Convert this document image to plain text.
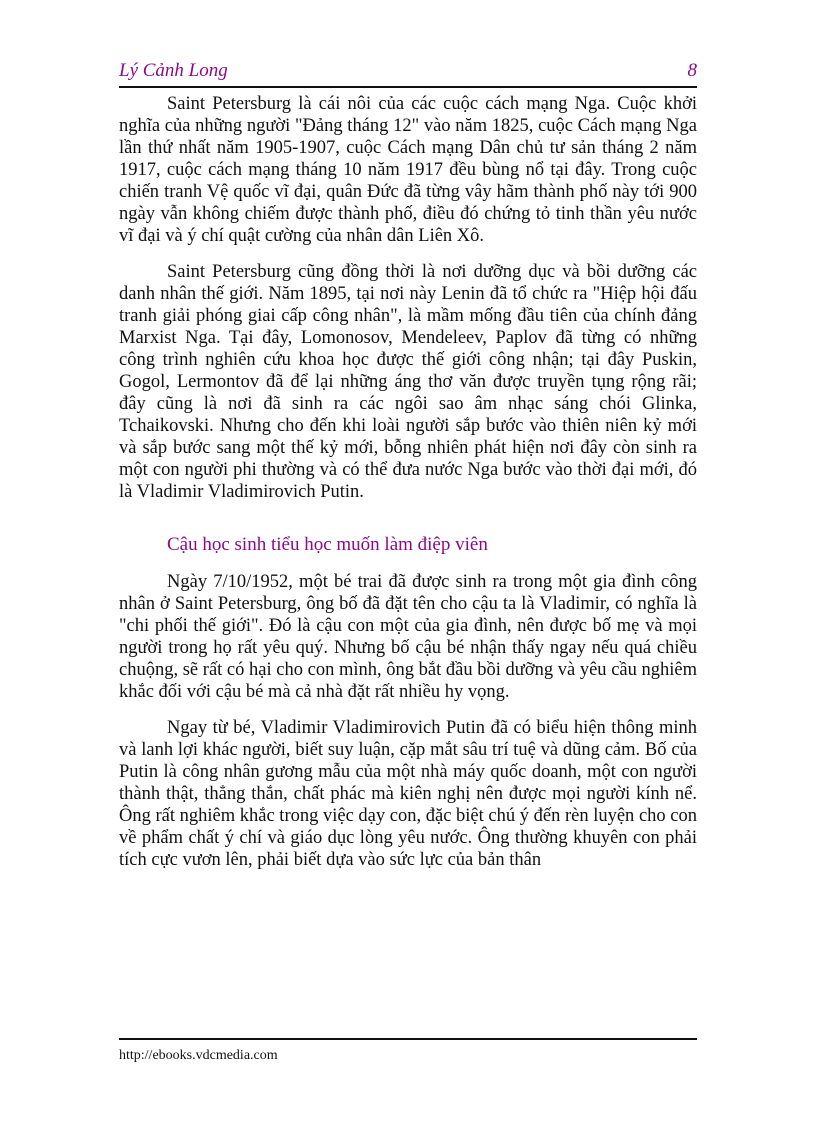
Lý Cảnh Long	8

Saint Petersburg là cái nôi của các cuộc cách mạng Nga. Cuộc khởi nghĩa của những người "Đảng tháng 12" vào năm 1825, cuộc Cách mạng Nga lần thứ nhất năm 1905-1907, cuộc Cách mạng Dân chủ tư sản tháng 2 năm 1917, cuộc cách mạng tháng 10 năm 1917 đều bùng nổ tại đây. Trong cuộc chiến tranh Vệ quốc vĩ đại, quân Đức đã từng vây hãm thành phố này tới 900 ngày vẫn không chiếm được thành phố, điều đó chứng tỏ tinh thần yêu nước vĩ đại và ý chí quật cường của nhân dân Liên Xô.

Saint Petersburg cũng đồng thời là nơi dưỡng dục và bồi dưỡng các danh nhân thế giới. Năm 1895, tại nơi này Lenin đã tổ chức ra "Hiệp hội đấu tranh giải phóng giai cấp công nhân", là mầm mống đầu tiên của chính đảng Marxist Nga. Tại đây, Lomonosov, Mendeleev, Paplov đã từng có những công trình nghiên cứu khoa học được thế giới công nhận; tại đây Puskin, Gogol, Lermontov đã để lại những áng thơ văn được truyền tụng rộng rãi; đây cũng là nơi đã sinh ra các ngôi sao âm nhạc sáng chói Glinka, Tchaikovski. Nhưng cho đến khi loài người sắp bước vào thiên niên kỷ mới và sắp bước sang một thế kỷ mới, bỗng nhiên phát hiện nơi đây còn sinh ra một con người phi thường và có thể đưa nước Nga bước vào thời đại mới, đó là Vladimir Vladimirovich Putin.

Cậu học sinh tiểu học muốn làm điệp viên

Ngày 7/10/1952, một bé trai đã được sinh ra trong một gia đình công nhân ở Saint Petersburg, ông bố đã đặt tên cho cậu ta là Vladimir, có nghĩa là "chi phối thế giới". Đó là cậu con một của gia đình, nên được bố mẹ và mọi người trong họ rất yêu quý. Nhưng bố cậu bé nhận thấy ngay nếu quá chiều chuộng, sẽ rất có hại cho con mình, ông bắt đầu bồi dưỡng và yêu cầu nghiêm khắc đối với cậu bé mà cả nhà đặt rất nhiều hy vọng.

Ngay từ bé, Vladimir Vladimirovich Putin đã có biểu hiện thông minh và lanh lợi khác người, biết suy luận, cặp mắt sâu trí tuệ và dũng cảm. Bố của Putin là công nhân gương mẫu của một nhà máy quốc doanh, một con người thành thật, thẳng thắn, chất phác mà kiên nghị nên được mọi người kính nể. Ông rất nghiêm khắc trong việc dạy con, đặc biệt chú ý đến rèn luyện cho con về phẩm chất ý chí và giáo dục lòng yêu nước. Ông thường khuyên con phải tích cực vươn lên, phải biết dựa vào sức lực của bản thân

http://ebooks.vdcmedia.com
